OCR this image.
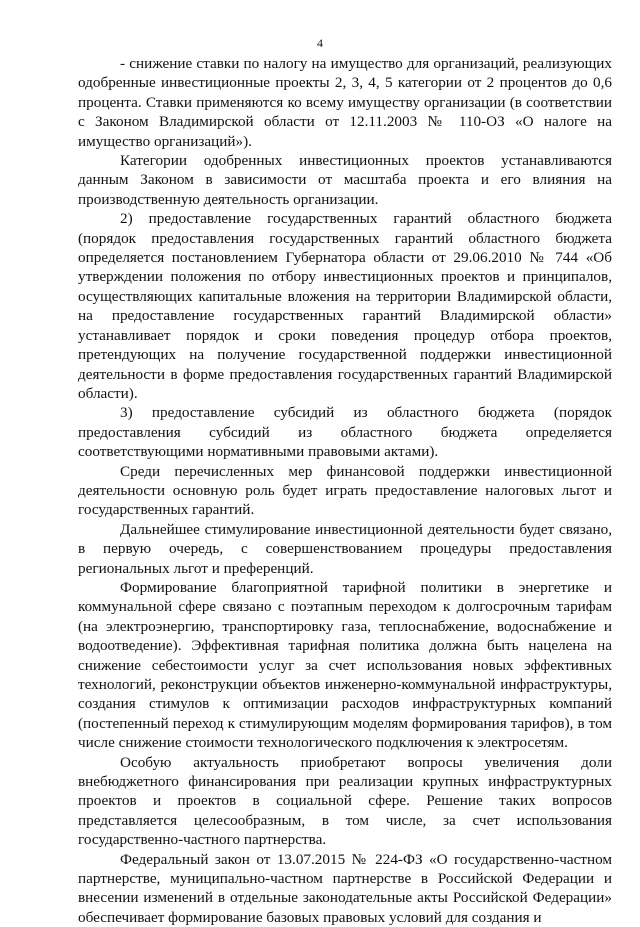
4

- снижение ставки по налогу на имущество для организаций, реализующих одобренные инвестиционные проекты 2, 3, 4, 5 категории от 2 процентов до 0,6 процента. Ставки применяются ко всему имуществу организации (в соответствии с Законом Владимирской области от 12.11.2003 № 110-ОЗ «О налоге на имущество организаций»).

Категории одобренных инвестиционных проектов устанавливаются данным Законом в зависимости от масштаба проекта и его влияния на производственную деятельность организации.

2) предоставление государственных гарантий областного бюджета (порядок предоставления государственных гарантий областного бюджета определяется постановлением Губернатора области от 29.06.2010 № 744 «Об утверждении положения по отбору инвестиционных проектов и принципалов, осуществляющих капитальные вложения на территории Владимирской области, на предоставление государственных гарантий Владимирской области» устанавливает порядок и сроки поведения процедур отбора проектов, претендующих на получение государственной поддержки инвестиционной деятельности в форме предоставления государственных гарантий Владимирской области).

3) предоставление субсидий из областного бюджета (порядок предоставления субсидий из областного бюджета определяется соответствующими нормативными правовыми актами).

Среди перечисленных мер финансовой поддержки инвестиционной деятельности основную роль будет играть предоставление налоговых льгот и государственных гарантий.

Дальнейшее стимулирование инвестиционной деятельности будет связано, в первую очередь, с совершенствованием процедуры предоставления региональных льгот и преференций.

Формирование благоприятной тарифной политики в энергетике и коммунальной сфере связано с поэтапным переходом к долгосрочным тарифам (на электроэнергию, транспортировку газа, теплоснабжение, водоснабжение и водоотведение). Эффективная тарифная политика должна быть нацелена на снижение себестоимости услуг за счет использования новых эффективных технологий, реконструкции объектов инженерно-коммунальной инфраструктуры, создания стимулов к оптимизации расходов инфраструктурных компаний (постепенный переход к стимулирующим моделям формирования тарифов), в том числе снижение стоимости технологического подключения к электросетям.

Особую актуальность приобретают вопросы увеличения доли внебюджетного финансирования при реализации крупных инфраструктурных проектов и проектов в социальной сфере. Решение таких вопросов представляется целесообразным, в том числе, за счет использования государственно-частного партнерства.

Федеральный закон от 13.07.2015 № 224-ФЗ «О государственно-частном партнерстве, муниципально-частном партнерстве в Российской Федерации и внесении изменений в отдельные законодательные акты Российской Федерации» обеспечивает формирование базовых правовых условий для создания и
